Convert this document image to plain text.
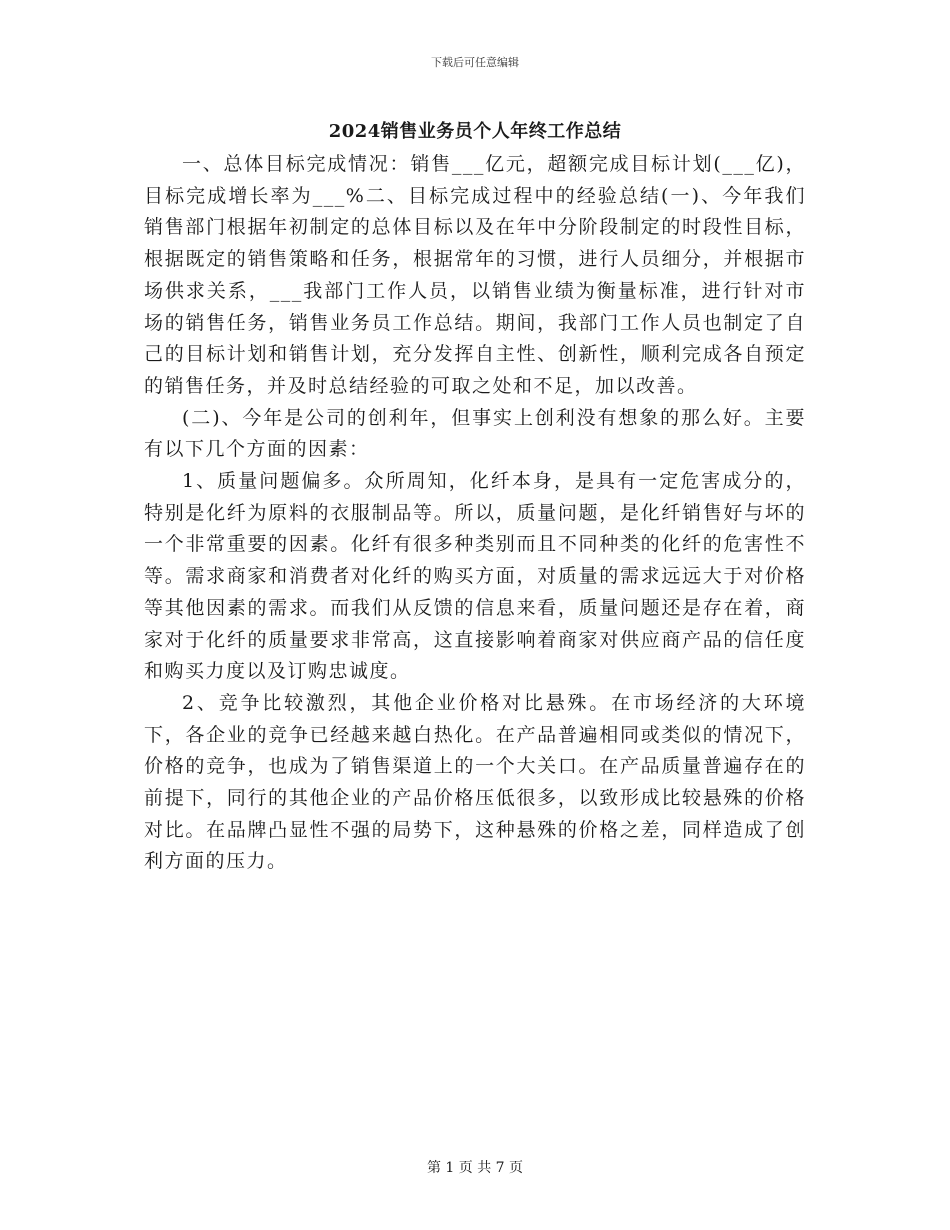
下载后可任意编辑
2024销售业务员个人年终工作总结

一、总体目标完成情况：销售___亿元，超额完成目标计划(___亿)，目标完成增长率为___%二、目标完成过程中的经验总结(一)、今年我们销售部门根据年初制定的总体目标以及在年中分阶段制定的时段性目标，根据既定的销售策略和任务，根据常年的习惯，进行人员细分，并根据市场供求关系，___我部门工作人员，以销售业绩为衡量标准，进行针对市场的销售任务，销售业务员工作总结。期间，我部门工作人员也制定了自己的目标计划和销售计划，充分发挥自主性、创新性，顺利完成各自预定的销售任务，并及时总结经验的可取之处和不足，加以改善。

(二)、今年是公司的创利年，但事实上创利没有想象的那么好。主要有以下几个方面的因素：

1、质量问题偏多。众所周知，化纤本身，是具有一定危害成分的，特别是化纤为原料的衣服制品等。所以，质量问题，是化纤销售好与坏的一个非常重要的因素。化纤有很多种类别而且不同种类的化纤的危害性不等。需求商家和消费者对化纤的购买方面，对质量的需求远远大于对价格等其他因素的需求。而我们从反馈的信息来看，质量问题还是存在着，商家对于化纤的质量要求非常高，这直接影响着商家对供应商产品的信任度和购买力度以及订购忠诚度。

2、竞争比较激烈，其他企业价格对比悬殊。在市场经济的大环境下，各企业的竞争已经越来越白热化。在产品普遍相同或类似的情况下，价格的竞争，也成为了销售渠道上的一个大关口。在产品质量普遍存在的前提下，同行的其他企业的产品价格压低很多，以致形成比较悬殊的价格对比。在品牌凸显性不强的局势下，这种悬殊的价格之差，同样造成了创利方面的压力。

第 1 页 共 7 页
